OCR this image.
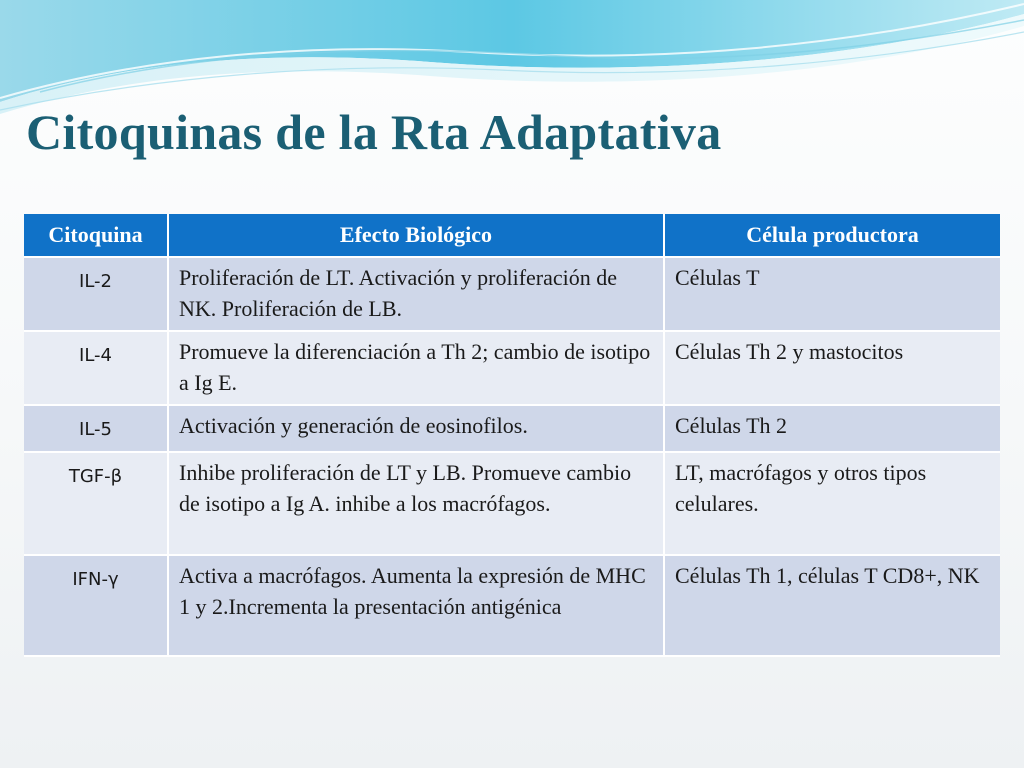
Citoquinas de la Rta Adaptativa
Citoquina	Efecto Biológico	Célula productora
IL-2	Proliferación de LT. Activación y proliferación de NK. Proliferación de LB.	Células T
IL-4	Promueve la diferenciación a Th 2; cambio de isotipo a Ig E.	Células Th 2 y mastocitos
IL-5	Activación y generación de eosinofilos.	Células Th 2
TGF-β	Inhibe proliferación de LT y LB. Promueve cambio de isotipo a Ig A. inhibe a los macrófagos.	LT, macrófagos y otros tipos celulares.
IFN-γ	Activa a macrófagos. Aumenta la expresión de MHC 1 y 2.Incrementa la presentación antigénica	Células Th 1, células T CD8+, NK
